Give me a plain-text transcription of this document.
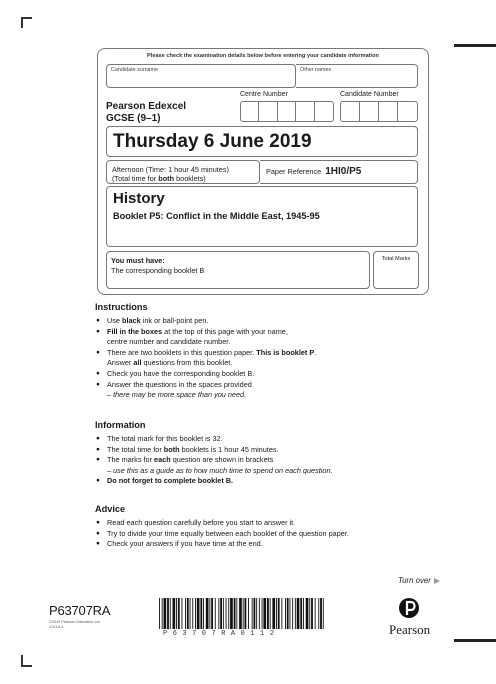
Please check the examination details below before entering your candidate information
Candidate surname	Other names
Pearson Edexcel
GCSE (9–1)
Centre Number	Candidate Number
Thursday 6 June 2019
Afternoon (Time: 1 hour 45 minutes)
(Total time for both booklets)
Paper Reference 1HI0/P5
History
Booklet P5: Conflict in the Middle East, 1945-95
You must have:
The corresponding booklet B
Total Marks
Instructions
● Use black ink or ball-point pen.
● Fill in the boxes at the top of this page with your name,
centre number and candidate number.
● There are two booklets in this question paper. This is booklet P.
Answer all questions from this booklet.
● Check you have the corresponding booklet B.
● Answer the questions in the spaces provided
– there may be more space than you need.
Information
● The total mark for this booklet is 32.
● The total time for both booklets is 1 hour 45 minutes.
● The marks for each question are shown in brackets
– use this as a guide as to how much time to spend on each question.
● Do not forget to complete booklet B.
Advice
● Read each question carefully before you start to answer it.
● Try to divide your time equally between each booklet of the question paper.
● Check your answers if you have time at the end.
Turn over
P63707RA
©2019 Pearson Education Ltd.
1/1/1/1/1
P63707RA0112	Pearson
